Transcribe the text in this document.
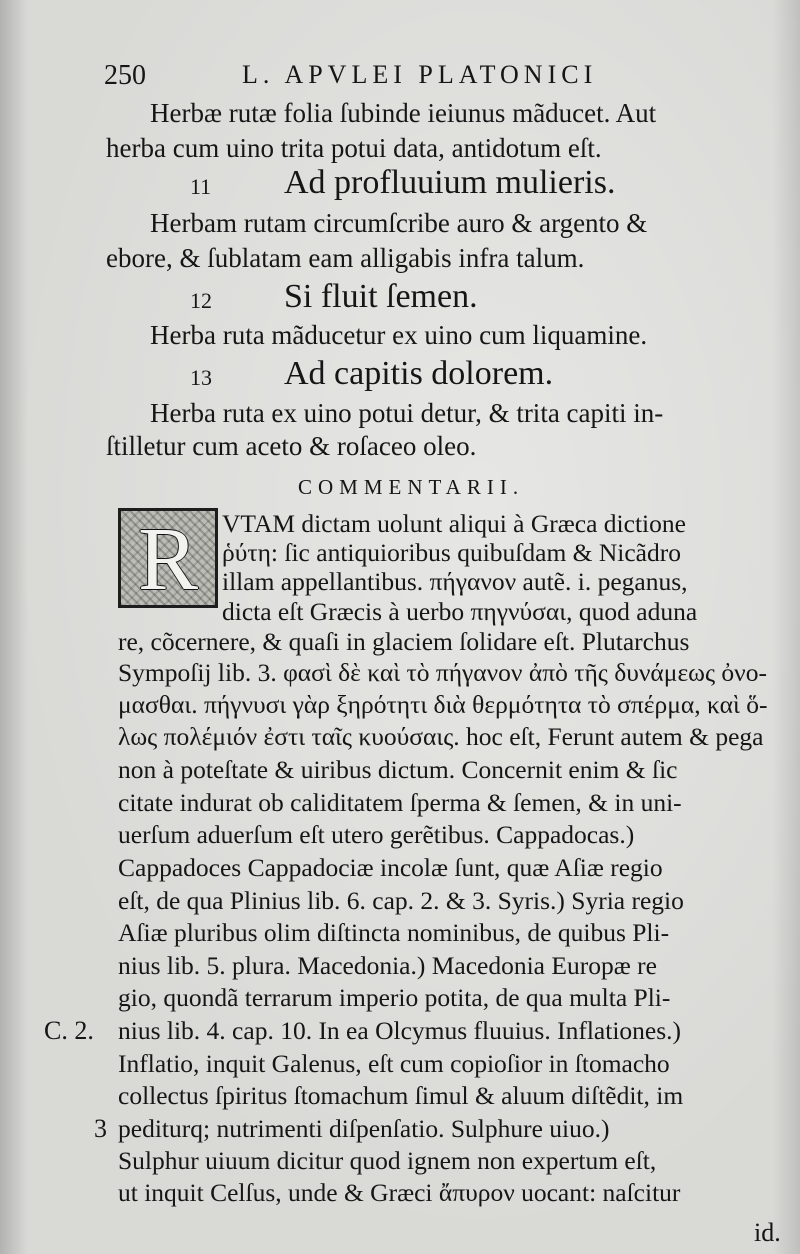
250	L. APVLEI PLATONICI
Herbæ rutæ folia ſubinde ieiunus mãducet. Aut
herba cum uino trita potui data, antidotum eſt.
11 Ad profluuium mulieris.
Herbam rutam circumſcribe auro & argento &
ebore, & ſublatam eam alligabis infra talum.
12 Si fluit ſemen.
Herba ruta mãducetur ex uino cum liquamine.
13 Ad capitis dolorem.
Herba ruta ex uino potui detur, & trita capiti in-
ſtilletur cum aceto & roſaceo oleo.
COMMENTARII.
R VTAM dictam uolunt aliqui à Græca dictione
ῥύτη: ſic antiquioribus quibuſdam & Nicãdro
illam appellantibus. πήγανον autẽ. i. peganus,
dicta eſt Græcis à uerbo πηγνύσαι, quod aduna
re, cõcernere, & quaſi in glaciem ſolidare eſt. Plutarchus
Sympoſij lib. 3. φασὶ δὲ καὶ τὸ πήγανον ἀπὸ τῆς δυνάμεως ὀνο-
μασθαι. πήγνυσι γὰρ ξηρότητι διὰ θερμότητα τὸ σπέρμα, καὶ ὅ-
λως πολέμιόν ἐστι ταῖς κυούσαις. hoc eſt, Ferunt autem & pega
non à poteſtate & uiribus dictum. Concernit enim & ſic
citate indurat ob caliditatem ſperma & ſemen, & in uni-
uerſum aduerſum eſt utero gerẽtibus. Cappadocas.)
Cappadoces Cappadociæ incolæ ſunt, quæ Aſiæ regio
eſt, de qua Plinius lib. 6. cap. 2. & 3. Syris.) Syria regio
Aſiæ pluribus olim diſtincta nominibus, de quibus Pli-
nius lib. 5. plura. Macedonia.) Macedonia Europæ re
gio, quondã terrarum imperio potita, de qua multa Pli-
nius lib. 4. cap. 10. In ea Olcymus fluuius. Inflationes.)
Inflatio, inquit Galenus, eſt cum copioſior in ſtomacho
collectus ſpiritus ſtomachum ſimul & aluum diſtẽdit, im
pediturq; nutrimenti diſpenſatio. Sulphure uiuo.)
Sulphur uiuum dicitur quod ignem non expertum eſt,
ut inquit Celſus, unde & Græci ἄπυρον uocant: naſcitur
C. 2.
3
id.
